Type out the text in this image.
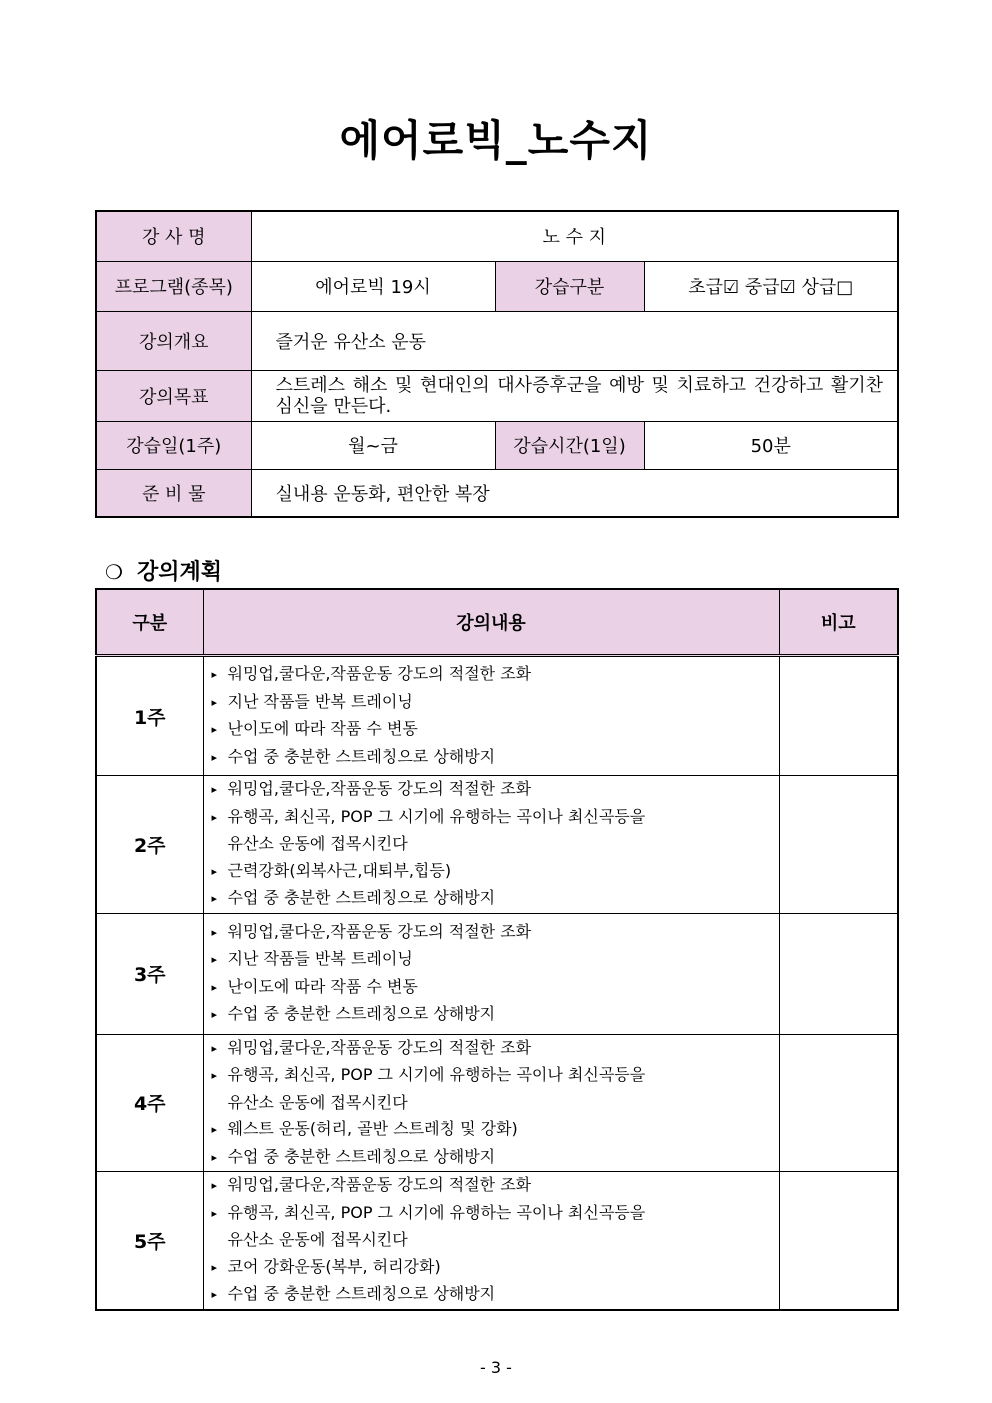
에어로빅_노수지
강 사 명	노 수 지		
프로그램(종목)	에어로빅 19시	강습구분	초급☑ 중급☑ 상급□
강의개요	즐거운 유산소 운동		
강의목표	스트레스 해소 및 현대인의 대사증후군을 예방 및 치료하고 건강하고 활기찬 심신을 만든다.		
강습일(1주)	월~금	강습시간(1일)	50분
준 비 물	실내용 운동화, 편안한 복장		
❍ 강의계획
구분	강의내용	비고
1주	▸ 워밍업,쿨다운,작품운동 강도의 적절한 조화
▸ 지난 작품들 반복 트레이닝
▸ 난이도에 따라 작품 수 변동
▸ 수업 중 충분한 스트레칭으로 상해방지	

2주	▸ 워밍업,쿨다운,작품운동 강도의 적절한 조화
▸ 유행곡, 최신곡, POP 그 시기에 유행하는 곡이나 최신곡등을
유산소 운동에 접목시킨다
▸ 근력강화(외복사근,대퇴부,힙등)
▸ 수업 중 충분한 스트레칭으로 상해방지	

3주	▸ 워밍업,쿨다운,작품운동 강도의 적절한 조화
▸ 지난 작품들 반복 트레이닝
▸ 난이도에 따라 작품 수 변동
▸ 수업 중 충분한 스트레칭으로 상해방지	

4주	▸ 워밍업,쿨다운,작품운동 강도의 적절한 조화
▸ 유행곡, 최신곡, POP 그 시기에 유행하는 곡이나 최신곡등을
유산소 운동에 접목시킨다
▸ 웨스트 운동(허리, 골반 스트레칭 및 강화)
▸ 수업 중 충분한 스트레칭으로 상해방지	

5주	▸ 워밍업,쿨다운,작품운동 강도의 적절한 조화
▸ 유행곡, 최신곡, POP 그 시기에 유행하는 곡이나 최신곡등을
유산소 운동에 접목시킨다
▸ 코어 강화운동(복부, 허리강화)
▸ 수업 중 충분한 스트레칭으로 상해방지	

- 3 -
